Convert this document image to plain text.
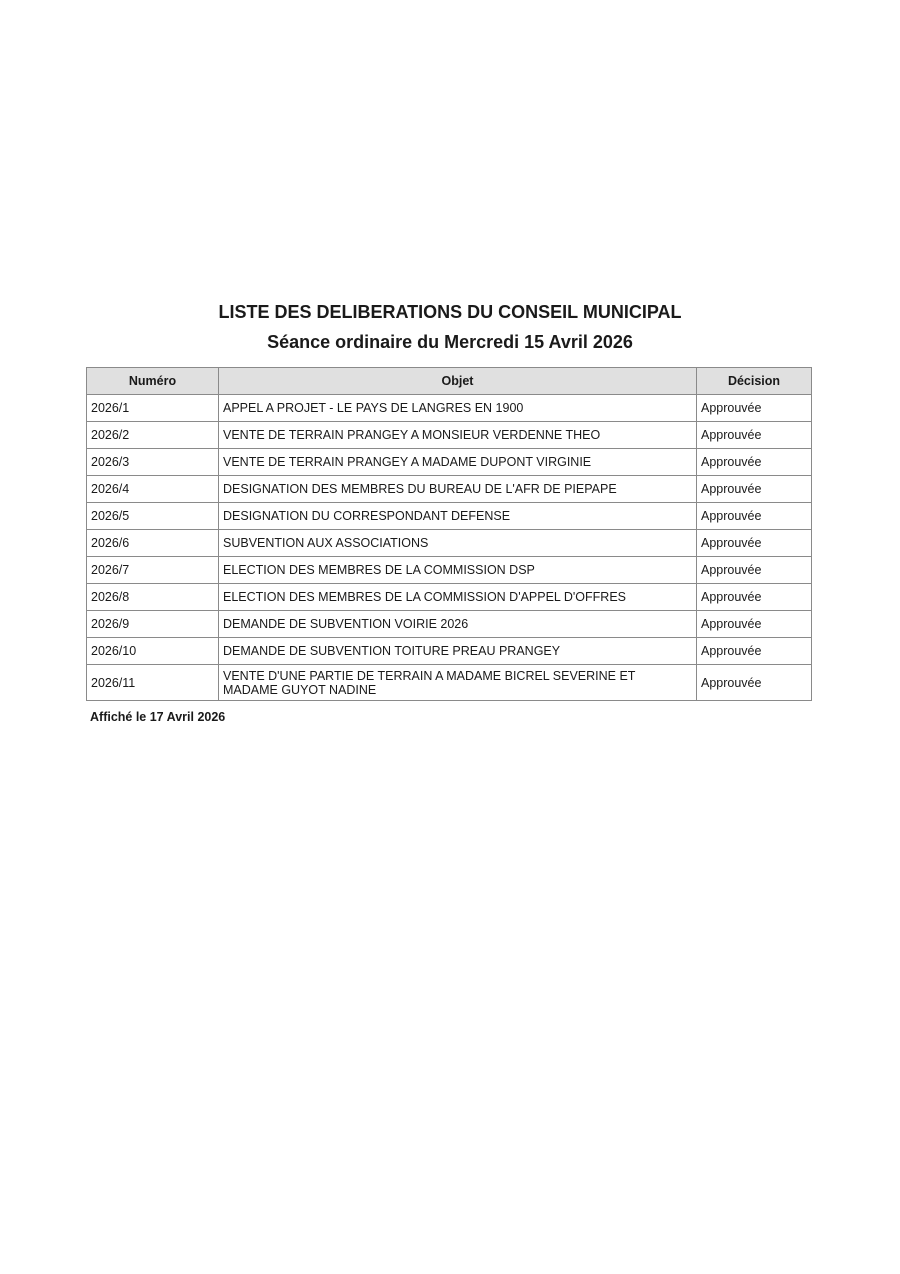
LISTE DES DELIBERATIONS DU CONSEIL MUNICIPAL
Séance ordinaire du Mercredi 15 Avril 2026
Numéro	Objet	Décision
2026/1	APPEL A PROJET - LE PAYS DE LANGRES EN 1900	Approuvée
2026/2	VENTE DE TERRAIN PRANGEY A MONSIEUR VERDENNE THEO	Approuvée
2026/3	VENTE DE TERRAIN PRANGEY A MADAME DUPONT VIRGINIE	Approuvée
2026/4	DESIGNATION DES MEMBRES DU BUREAU DE L'AFR DE PIEPAPE	Approuvée
2026/5	DESIGNATION DU CORRESPONDANT DEFENSE	Approuvée
2026/6	SUBVENTION AUX ASSOCIATIONS	Approuvée
2026/7	ELECTION DES MEMBRES DE LA COMMISSION DSP	Approuvée
2026/8	ELECTION DES MEMBRES DE LA COMMISSION D'APPEL D'OFFRES	Approuvée
2026/9	DEMANDE DE SUBVENTION VOIRIE 2026	Approuvée
2026/10	DEMANDE DE SUBVENTION TOITURE PREAU PRANGEY	Approuvée
2026/11	VENTE D'UNE PARTIE DE TERRAIN A MADAME BICREL SEVERINE ET MADAME GUYOT NADINE	Approuvée

Affiché le 17 Avril 2026
